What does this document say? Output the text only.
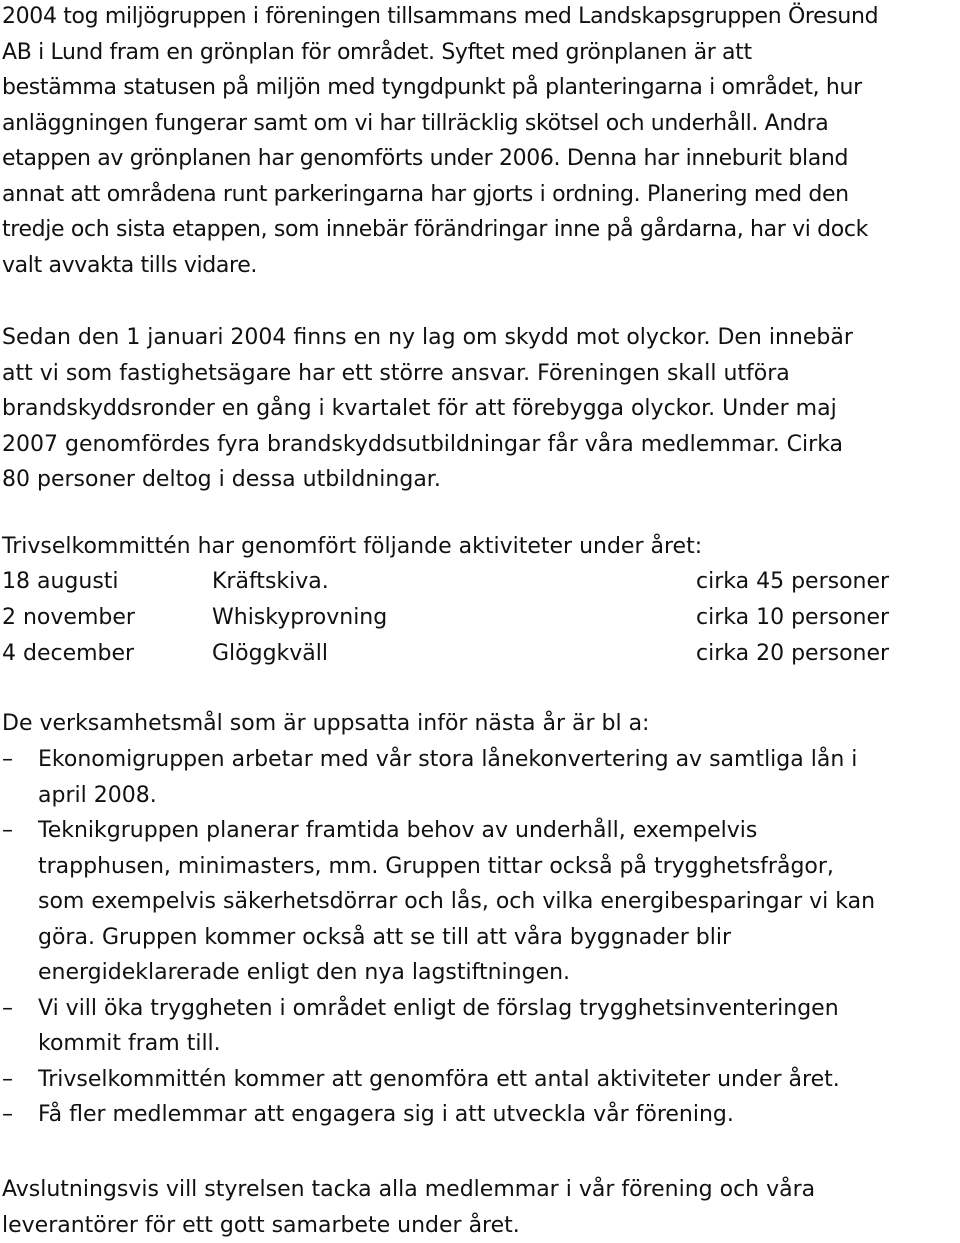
2004 tog miljögruppen i föreningen tillsammans med Landskapsgruppen Öresund
AB i Lund fram en grönplan för området. Syftet med grönplanen är att
bestämma statusen på miljön med tyngdpunkt på planteringarna i området, hur
anläggningen fungerar samt om vi har tillräcklig skötsel och underhåll. Andra
etappen av grönplanen har genomförts under 2006. Denna har inneburit bland
annat att områdena runt parkeringarna har gjorts i ordning. Planering med den
tredje och sista etappen, som innebär förändringar inne på gårdarna, har vi dock
valt avvakta tills vidare.

Sedan den 1 januari 2004 finns en ny lag om skydd mot olyckor. Den innebär
att vi som fastighetsägare har ett större ansvar. Föreningen skall utföra
brandskyddsronder en gång i kvartalet för att förebygga olyckor. Under maj
2007 genomfördes fyra brandskyddsutbildningar får våra medlemmar. Cirka
80 personer deltog i dessa utbildningar.

Trivselkommittén har genomfört följande aktiviteter under året:

18 augusti	Kräftskiva.	cirka 45 personer
2 november	Whiskyprovning	cirka 10 personer
4 december	Glöggkväll	cirka 20 personer

De verksamhetsmål som är uppsatta inför nästa år är bl a:

–	Ekonomigruppen arbetar med vår stora lånekonvertering av samtliga lån i
april 2008.
–	Teknikgruppen planerar framtida behov av underhåll, exempelvis
trapphusen, minimasters, mm. Gruppen tittar också på trygghetsfrågor,
som exempelvis säkerhetsdörrar och lås, och vilka energibesparingar vi kan
göra. Gruppen kommer också att se till att våra byggnader blir
energideklarerade enligt den nya lagstiftningen.
–	Vi vill öka tryggheten i området enligt de förslag trygghetsinventeringen
kommit fram till.
–	Trivselkommittén kommer att genomföra ett antal aktiviteter under året.
–	Få fler medlemmar att engagera sig i att utveckla vår förening.

Avslutningsvis vill styrelsen tacka alla medlemmar i vår förening och våra
leverantörer för ett gott samarbete under året.
